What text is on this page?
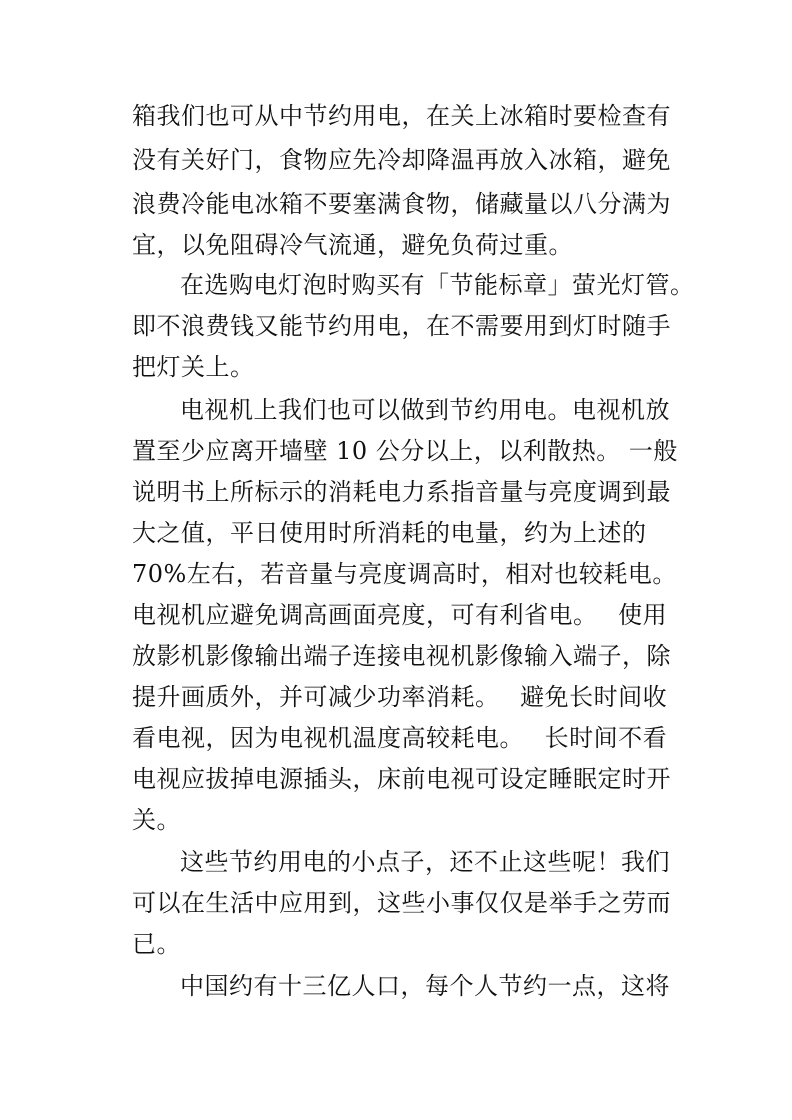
箱我们也可从中节约用电，在关上冰箱时要检查有
没有关好门，食物应先冷却降温再放入冰箱，避免
浪费冷能电冰箱不要塞满食物，储藏量以八分满为
宜，以免阻碍冷气流通，避免负荷过重。
在选购电灯泡时购买有「节能标章」萤光灯管。
即不浪费钱又能节约用电，在不需要用到灯时随手
把灯关上。
电视机上我们也可以做到节约用电。电视机放
置至少应离开墙壁 10 公分以上，以利散热。 一般
说明书上所标示的消耗电力系指音量与亮度调到最
大之值，平日使用时所消耗的电量，约为上述的
70%左右，若音量与亮度调高时，相对也较耗电。
电视机应避免调高画面亮度，可有利省电。　 使用
放影机影像输出端子连接电视机影像输入端子，除
提升画质外，并可减少功率消耗。　 避免长时间收
看电视，因为电视机温度高较耗电。　 长时间不看
电视应拔掉电源插头，床前电视可设定睡眠定时开
关。
这些节约用电的小点子，还不止这些呢！我们
可以在生活中应用到，这些小事仅仅是举手之劳而
已。
中国约有十三亿人口，每个人节约一点，这将
